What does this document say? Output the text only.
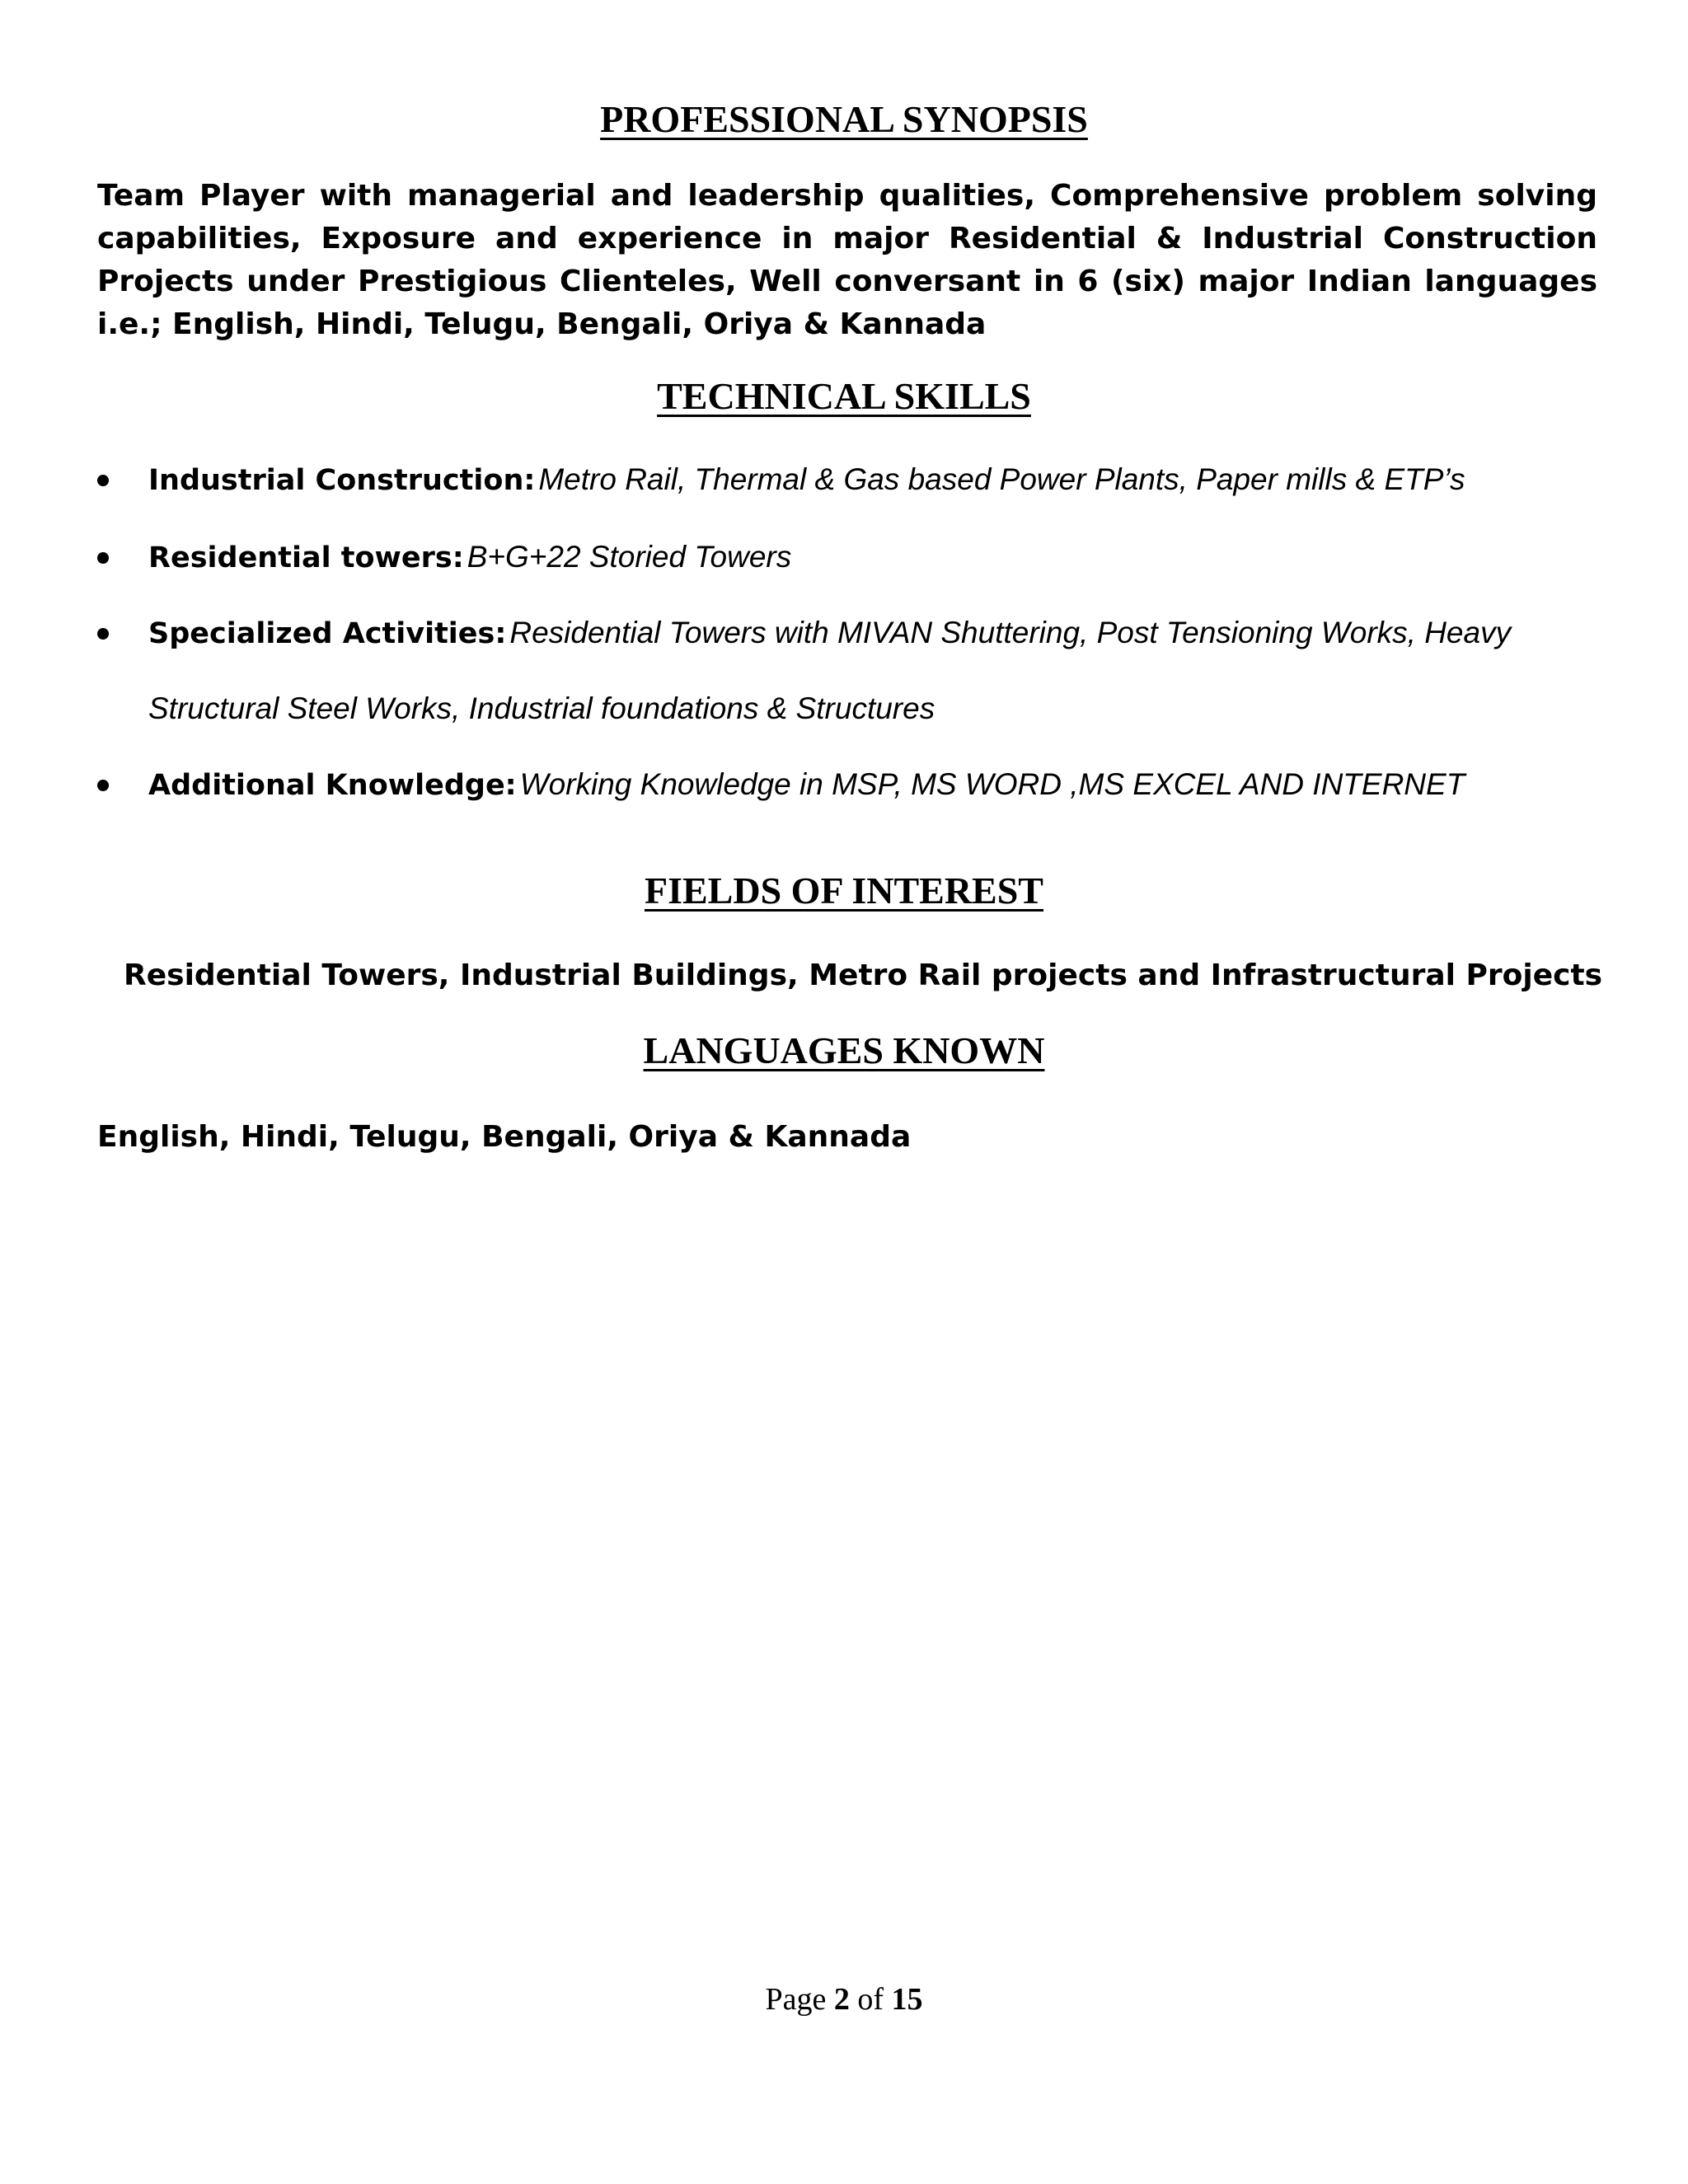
PROFESSIONAL SYNOPSIS

Team Player with managerial and leadership qualities, Comprehensive problem solving capabilities, Exposure and experience in major Residential & Industrial Construction Projects under Prestigious Clienteles, Well conversant in 6 (six) major Indian languages i.e.; English, Hindi, Telugu, Bengali, Oriya & Kannada

TECHNICAL SKILLS
Industrial Construction: Metro Rail, Thermal & Gas based Power Plants, Paper mills & ETP’s
Residential towers: B+G+22 Storied Towers
Specialized Activities: Residential Towers with MIVAN Shuttering, Post Tensioning Works, Heavy
Structural Steel Works, Industrial foundations & Structures
Additional Knowledge: Working Knowledge in MSP, MS WORD ,MS EXCEL AND INTERNET
FIELDS OF INTEREST

Residential Towers, Industrial Buildings, Metro Rail projects and Infrastructural Projects

LANGUAGES KNOWN

English, Hindi, Telugu, Bengali, Oriya & Kannada

Page 2 of 15
